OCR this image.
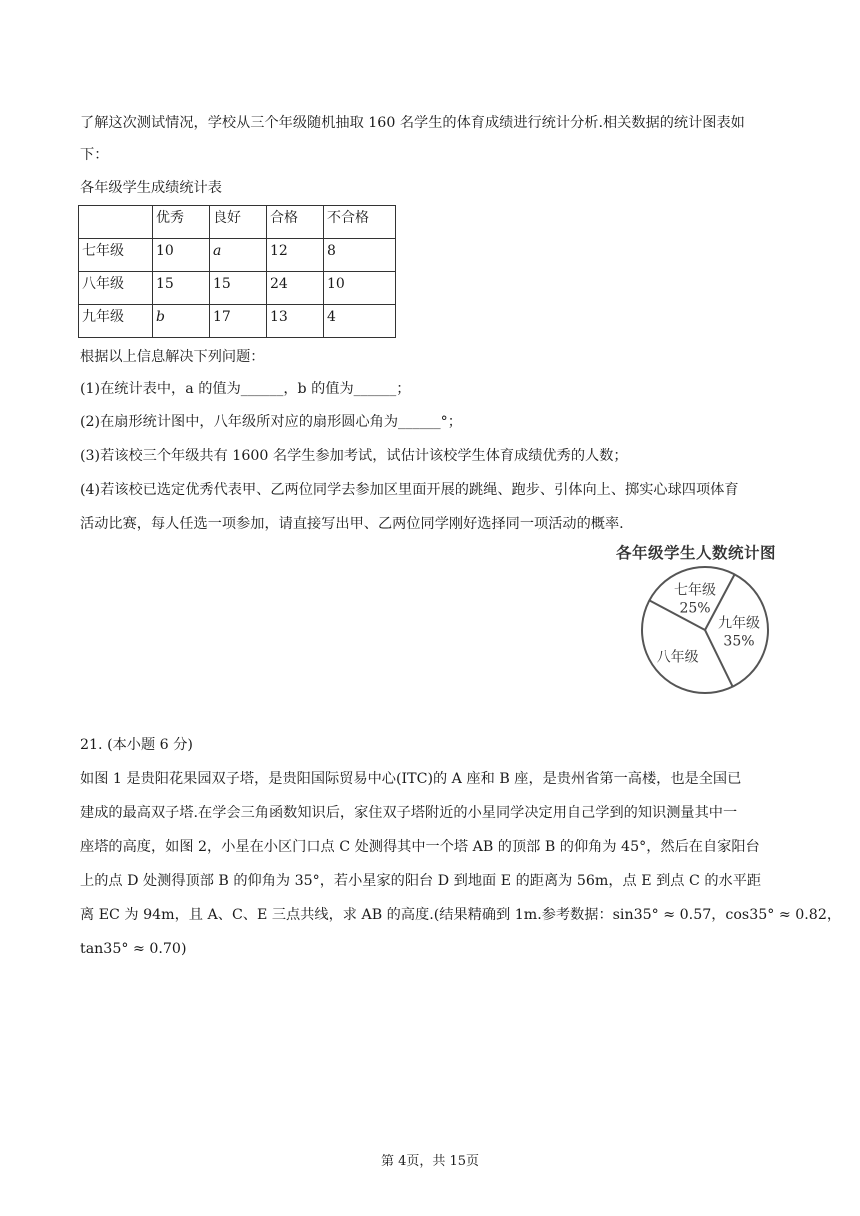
了解这次测试情况，学校从三个年级随机抽取 160 名学生的体育成绩进行统计分析.相关数据的统计图表如
下：
各年级学生成绩统计表
	优秀	良好	合格	不合格
七年级	10	a	12	8
八年级	15	15	24	10
九年级	b	17	13	4
根据以上信息解决下列问题：
(1)在统计表中，a 的值为______，b 的值为______；
(2)在扇形统计图中，八年级所对应的扇形圆心角为______°；
(3)若该校三个年级共有 1600 名学生参加考试，试估计该校学生体育成绩优秀的人数；
(4)若该校已选定优秀代表甲、乙两位同学去参加区里面开展的跳绳、跑步、引体向上、掷实心球四项体育
活动比赛，每人任选一项参加，请直接写出甲、乙两位同学刚好选择同一项活动的概率.
各年级学生人数统计图
七年级
25%
九年级
35%
八年级
21. (本小题 6 分)
如图 1 是贵阳花果园双子塔，是贵阳国际贸易中心(ITC)的 A 座和 B 座，是贵州省第一高楼，也是全国已
建成的最高双子塔.在学会三角函数知识后，家住双子塔附近的小星同学决定用自己学到的知识测量其中一
座塔的高度，如图 2，小星在小区门口点 C 处测得其中一个塔 AB 的顶部 B 的仰角为 45°，然后在自家阳台
上的点 D 处测得顶部 B 的仰角为 35°，若小星家的阳台 D 到地面 E 的距离为 56m，点 E 到点 C 的水平距
离 EC 为 94m，且 A、C、E 三点共线，求 AB 的高度.(结果精确到 1m.参考数据：sin35° ≈ 0.57，cos35° ≈ 0.82，
tan35° ≈ 0.70)
第 4页，共 15页
